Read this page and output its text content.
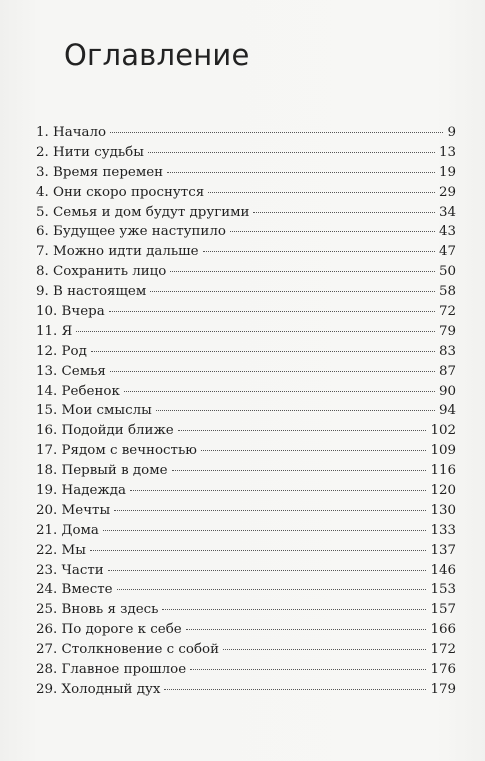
Оглавление
1. Начало	9
2. Нити судьбы	13
3. Время перемен	19
4. Они скоро проснутся	29
5. Семья и дом будут другими	34
6. Будущее уже наступило	43
7. Можно идти дальше	47
8. Сохранить лицо	50
9. В настоящем	58
10. Вчера	72
11. Я	79
12. Род	83
13. Семья	87
14. Ребенок	90
15. Мои смыслы	94
16. Подойди ближе	102
17. Рядом с вечностью	109
18. Первый в доме	116
19. Надежда	120
20. Мечты	130
21. Дома	133
22. Мы	137
23. Части	146
24. Вместе	153
25. Вновь я здесь	157
26. По дороге к себе	166
27. Столкновение с собой	172
28. Главное прошлое	176
29. Холодный дух	179
